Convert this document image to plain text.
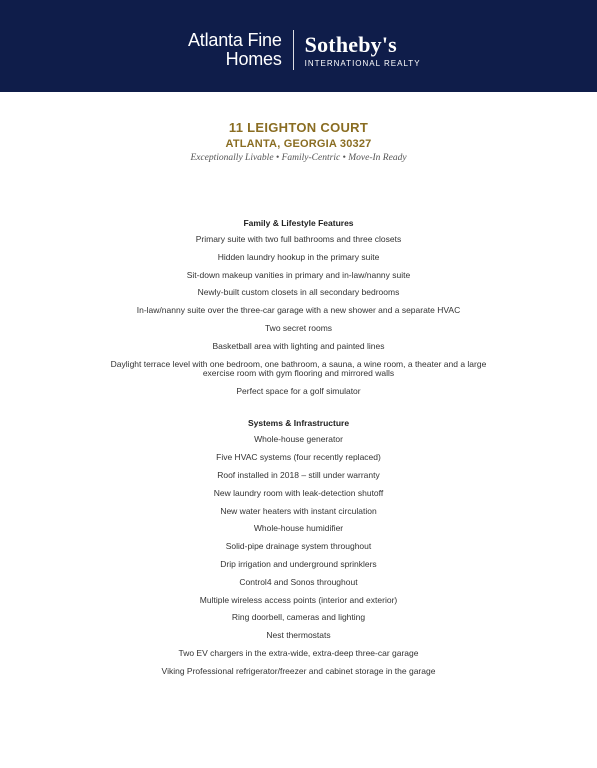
Atlanta Fine
Homes
Sotheby's
INTERNATIONAL REALTY
11 LEIGHTON COURT
ATLANTA, GEORGIA 30327
Exceptionally Livable • Family-Centric • Move-In Ready
Family & Lifestyle Features
Primary suite with two full bathrooms and three closets
Hidden laundry hookup in the primary suite
Sit-down makeup vanities in primary and in-law/nanny suite
Newly-built custom closets in all secondary bedrooms
In-law/nanny suite over the three-car garage with a new shower and a separate HVAC
Two secret rooms
Basketball area with lighting and painted lines
Daylight terrace level with one bedroom, one bathroom, a sauna, a wine room, a theater and a large exercise room with gym flooring and mirrored walls
Perfect space for a golf simulator
Systems & Infrastructure
Whole-house generator
Five HVAC systems (four recently replaced)
Roof installed in 2018 – still under warranty
New laundry room with leak-detection shutoff
New water heaters with instant circulation
Whole-house humidifier
Solid-pipe drainage system throughout
Drip irrigation and underground sprinklers
Control4 and Sonos throughout
Multiple wireless access points (interior and exterior)
Ring doorbell, cameras and lighting
Nest thermostats
Two EV chargers in the extra-wide, extra-deep three-car garage
Viking Professional refrigerator/freezer and cabinet storage in the garage
